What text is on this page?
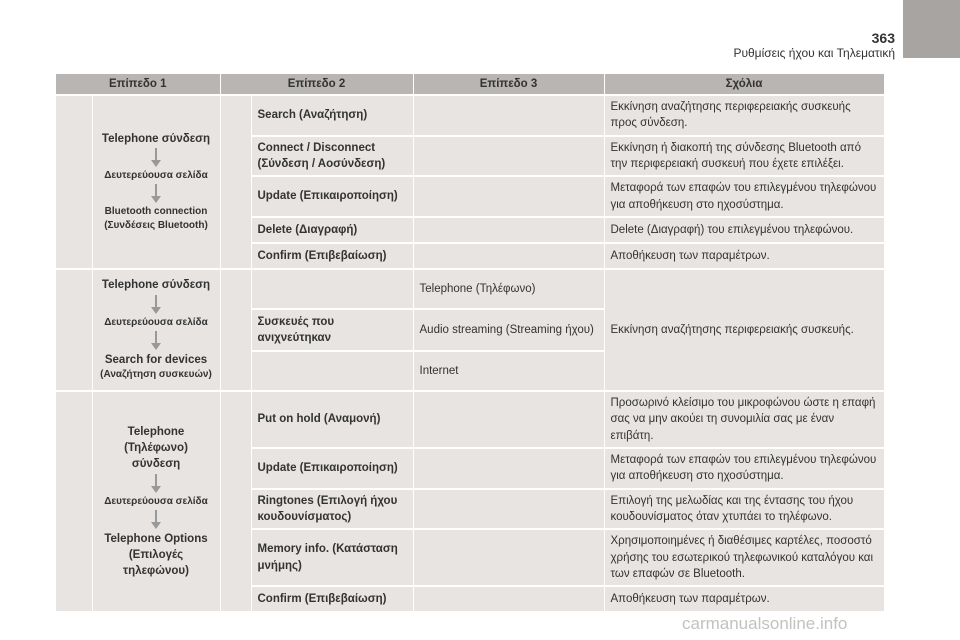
363
Ρυθμίσεις ήχου και Τηλεματική
Επίπεδο 1		Επίπεδο 2		Επίπεδο 3	Σχόλια

	Telephone σύνδεση
Δευτερεύουσα σελίδα
Bluetooth connection
(Συνδέσεις Bluetooth)		Search (Αναζήτηση)		Εκκίνηση αναζήτησης περιφερειακής συσκευής προς σύνδεση.
			Connect / Disconnect (Σύνδεση / Αοσύνδεση)		Εκκίνηση ή διακοπή της σύνδεσης Bluetooth από την περιφερειακή συσκευή που έχετε επιλέξει.
			Update (Επικαιροποίηση)		Μεταφορά των επαφών του επιλεγμένου τηλεφώνου για αποθήκευση στο ηχοσύστημα.
			Delete (Διαγραφή)		Delete (Διαγραφή) του επιλεγμένου τηλεφώνου.
			Confirm (Επιβεβαίωση)		Αποθήκευση των παραμέτρων.

	Telephone σύνδεση
Δευτερεύουσα σελίδα
Search for devices
(Αναζήτηση συσκευών)			Telephone (Τηλέφωνο)	Εκκίνηση αναζήτησης περιφερειακής συσκευής.
			Συσκευές που ανιχνεύτηκαν	Audio streaming (Streaming ήχου)	
				Internet	

	Telephone (Τηλέφωνο) σύνδεση
Δευτερεύουσα σελίδα
Telephone Options (Επιλογές τηλεφώνου)		Put on hold (Αναμονή)		Προσωρινό κλείσιμο του μικροφώνου ώστε η επαφή σας να μην ακούει τη συνομιλία σας με έναν επιβάτη.
			Update (Επικαιροποίηση)		Μεταφορά των επαφών του επιλεγμένου τηλεφώνου για αποθήκευση στο ηχοσύστημα.
			Ringtones (Επιλογή ήχου κουδουνίσματος)		Επιλογή της μελωδίας και της έντασης του ήχου κουδουνίσματος όταν χτυπάει το τηλέφωνο.
			Memory info. (Κατάσταση μνήμης)		Χρησιμοποιημένες ή διαθέσιμες καρτέλες, ποσοστό χρήσης του εσωτερικού τηλεφωνικού καταλόγου και των επαφών σε Bluetooth.
			Confirm (Επιβεβαίωση)		Αποθήκευση των παραμέτρων.
carmanualsonline.info
